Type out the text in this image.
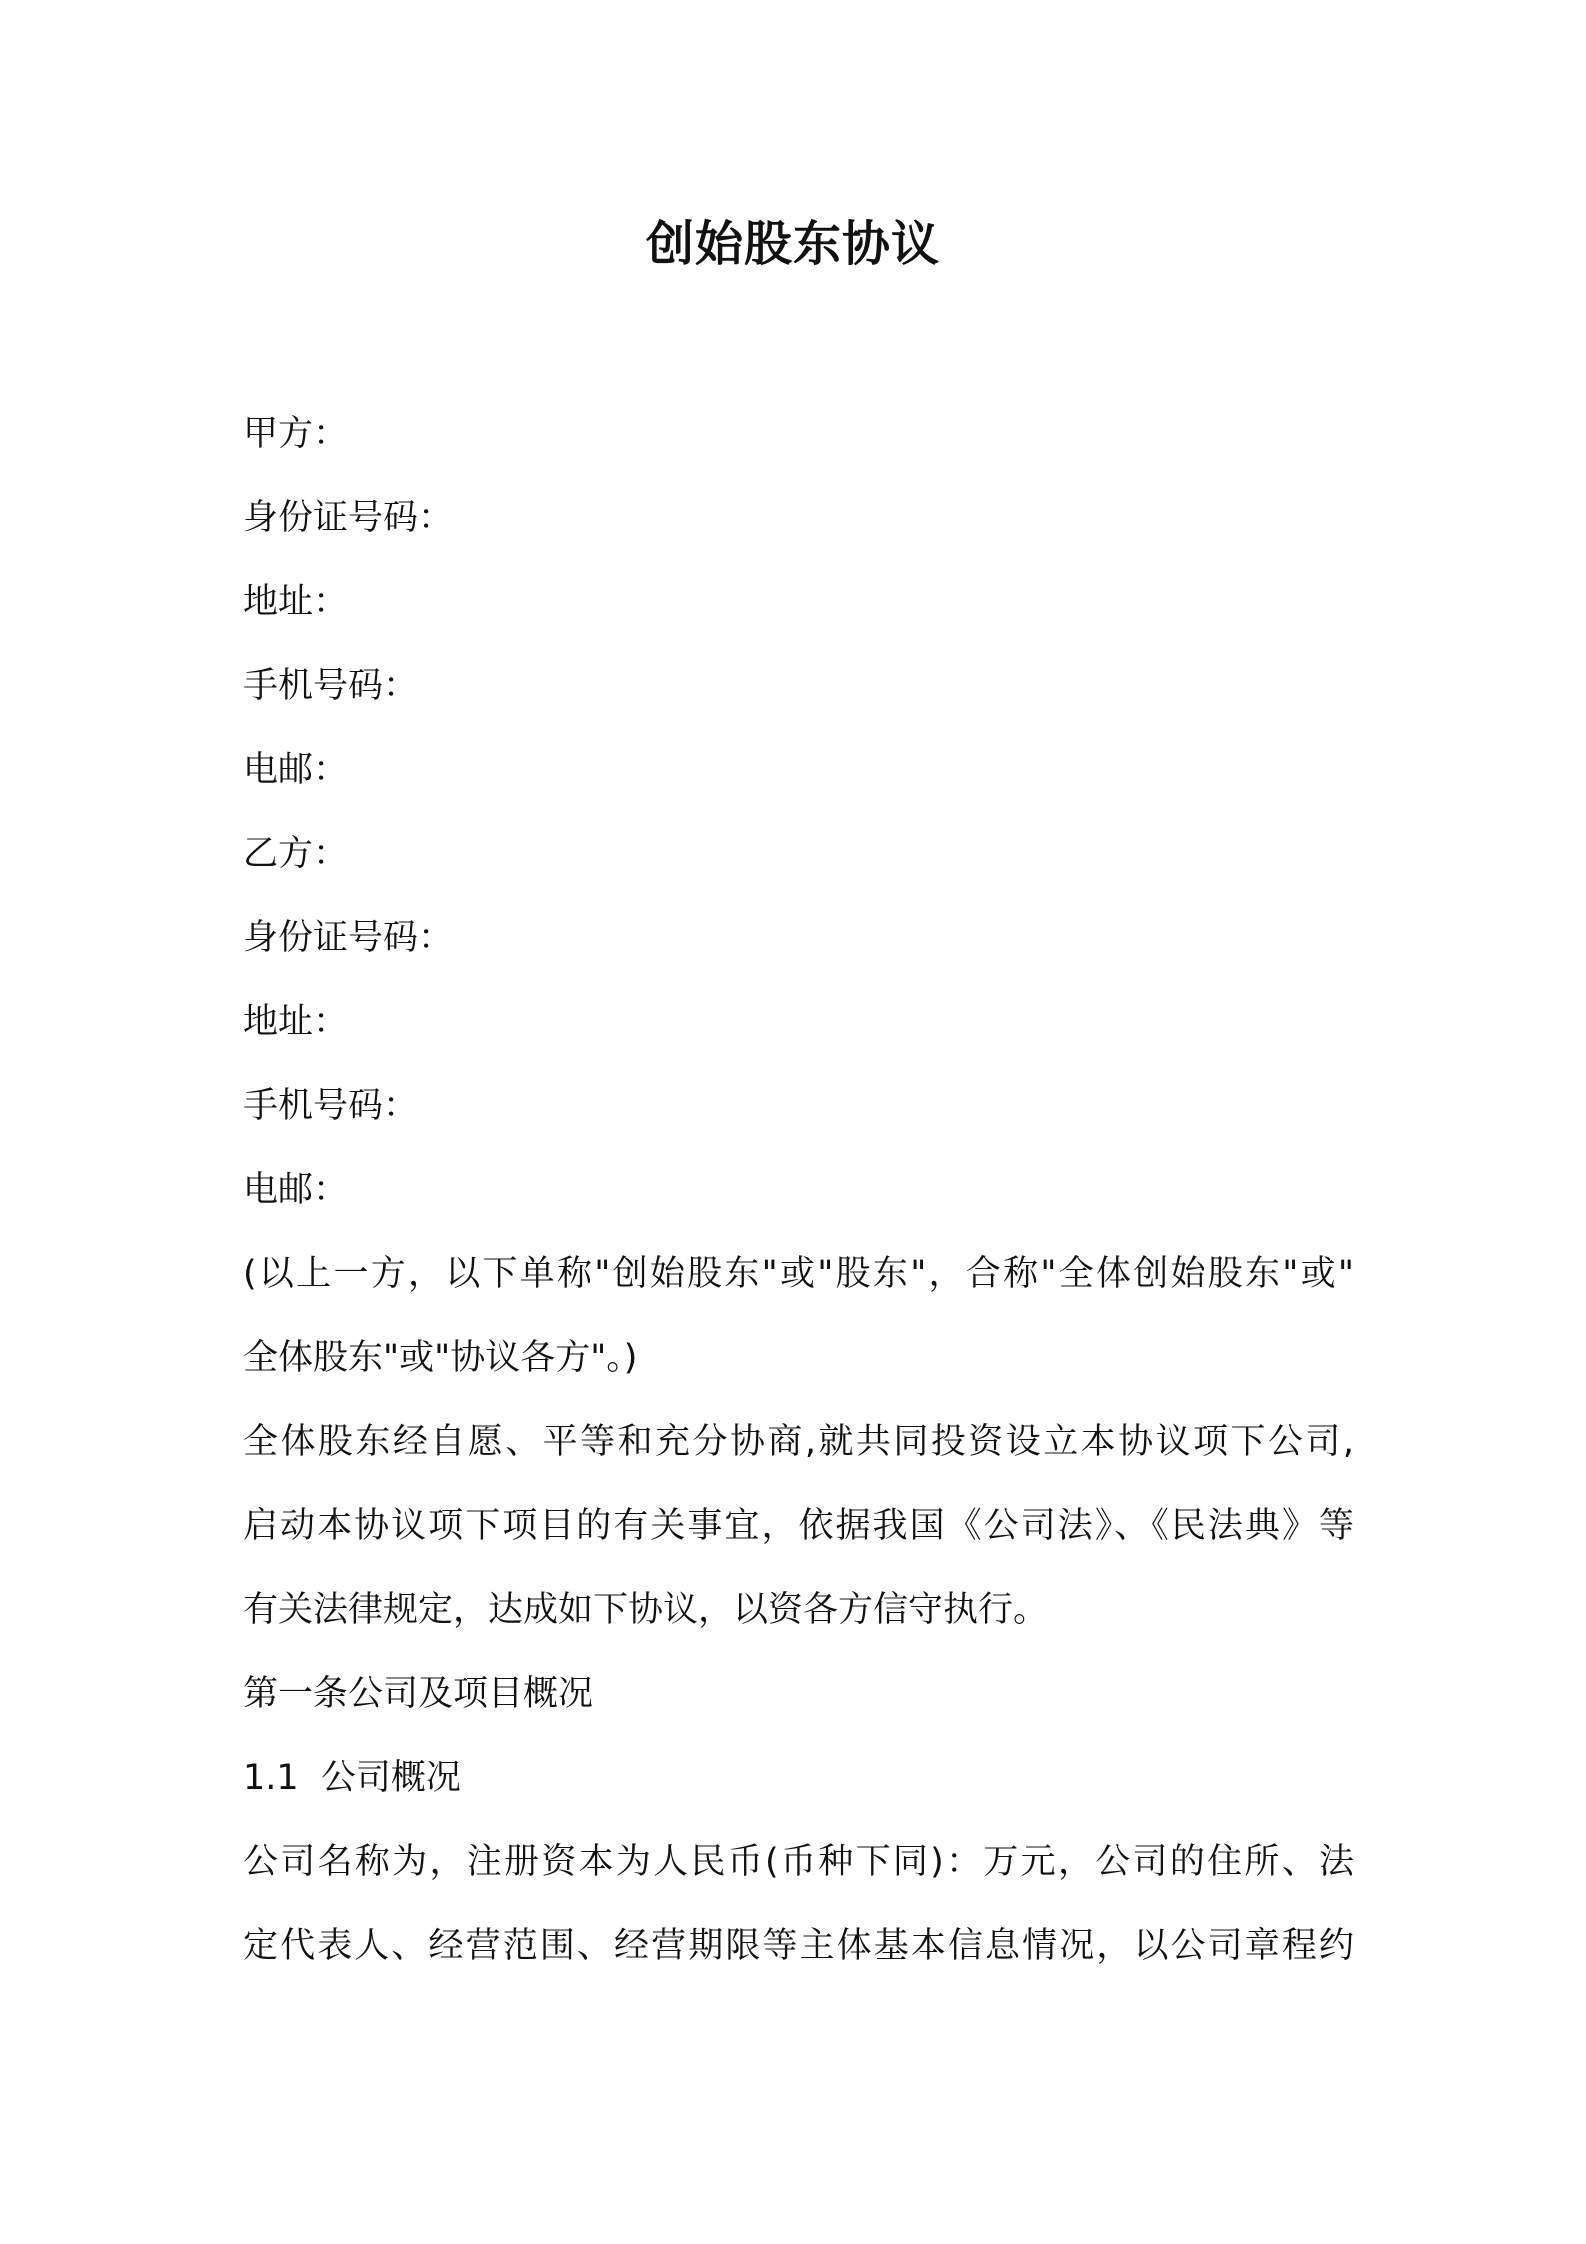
创始股东协议
甲方：
身份证号码：
地址：
手机号码：
电邮：
乙方：
身份证号码：
地址：
手机号码：
电邮：
(以上一方，以下单称"创始股东"或"股东"，合称"全体创始股东"或"
全体股东"或"协议各方"。)
全体股东经自愿、平等和充分协商,就共同投资设立本协议项下公司,
启动本协议项下项目的有关事宜，依据我国《公司法》、《民法典》等
有关法律规定，达成如下协议，以资各方信守执行。
第一条公司及项目概况
1.1  公司概况
公司名称为，注册资本为人民币(币种下同)：万元，公司的住所、法
定代表人、经营范围、经营期限等主体基本信息情况，以公司章程约
